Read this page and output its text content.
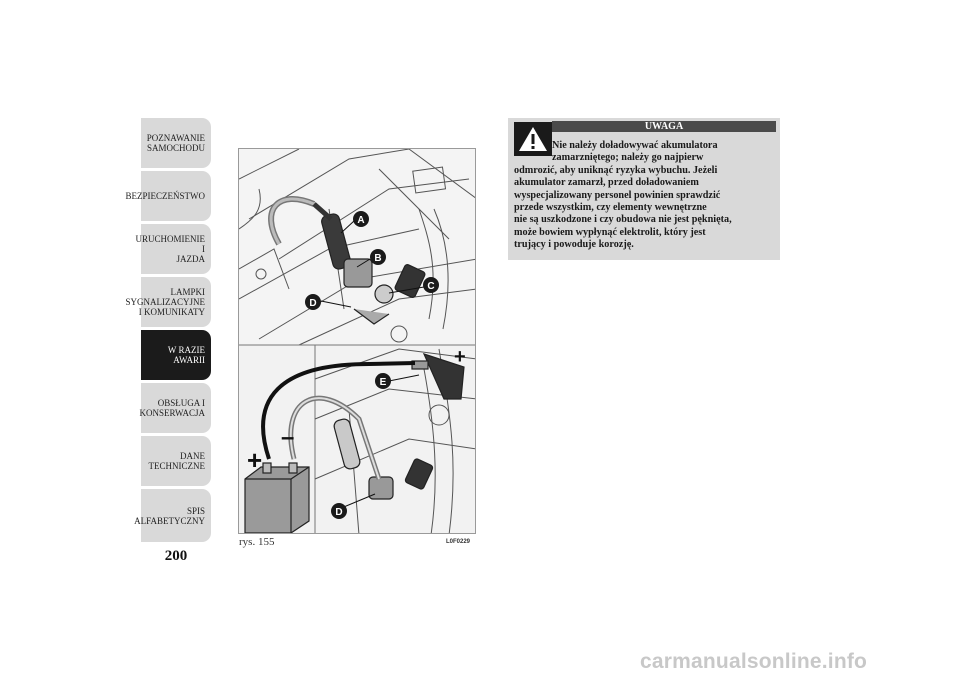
POZNAWANIE
SAMOCHODU
BEZPIECZEŃSTWO
URUCHOMIENIE I
JAZDA
LAMPKI
SYGNALIZACYJNE
I KOMUNIKATY
W RAZIE AWARII
OBSŁUGA I
KONSERWACJA
DANE
TECHNICZNE
SPIS
ALFABETYCZNY
200
+
–
+
A
B
C
D
E
D
rys. 155	L0F0229
UWAGA
Nie należy doładowywać akumulatora
zamarzniętego; należy go najpierw
odmrozić, aby uniknąć ryzyka wybuchu. Jeżeli
akumulator zamarzł, przed doładowaniem
wyspecjalizowany personel powinien sprawdzić
przede wszystkim, czy elementy wewnętrzne
nie są uszkodzone i czy obudowa nie jest pęknięta,
może bowiem wypłynąć elektrolit, który jest
trujący i powoduje korozję.
carmanualsonline.info
